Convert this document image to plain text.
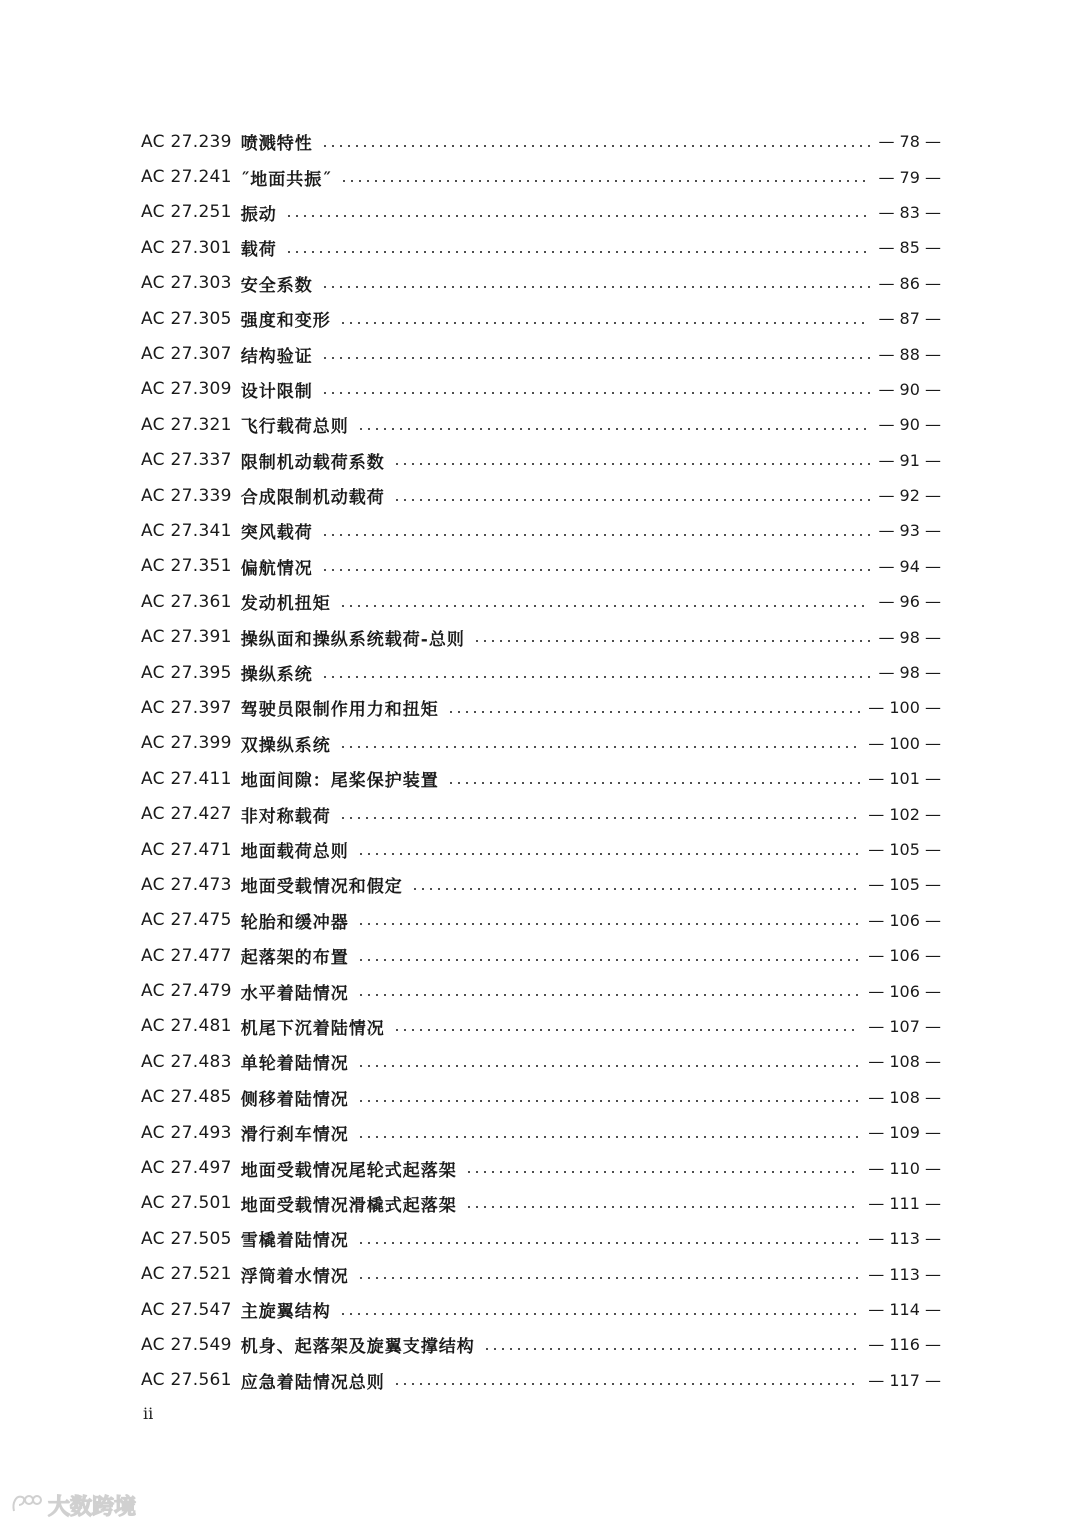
AC 27.239 喷溅特性	— 78 —
AC 27.241 ˝地面共振˝	— 79 —
AC 27.251 振动	— 83 —
AC 27.301 载荷	— 85 —
AC 27.303 安全系数	— 86 —
AC 27.305 强度和变形	— 87 —
AC 27.307 结构验证	— 88 —
AC 27.309 设计限制	— 90 —
AC 27.321 飞行载荷总则	— 90 —
AC 27.337 限制机动载荷系数	— 91 —
AC 27.339 合成限制机动载荷	— 92 —
AC 27.341 突风载荷	— 93 —
AC 27.351 偏航情况	— 94 —
AC 27.361 发动机扭矩	— 96 —
AC 27.391 操纵面和操纵系统载荷-总则	— 98 —
AC 27.395 操纵系统	— 98 —
AC 27.397 驾驶员限制作用力和扭矩	— 100 —
AC 27.399 双操纵系统	— 100 —
AC 27.411 地面间隙：尾桨保护装置	— 101 —
AC 27.427 非对称载荷	— 102 —
AC 27.471 地面载荷总则	— 105 —
AC 27.473 地面受载情况和假定	— 105 —
AC 27.475 轮胎和缓冲器	— 106 —
AC 27.477 起落架的布置	— 106 —
AC 27.479 水平着陆情况	— 106 —
AC 27.481 机尾下沉着陆情况	— 107 —
AC 27.483 单轮着陆情况	— 108 —
AC 27.485 侧移着陆情况	— 108 —
AC 27.493 滑行刹车情况	— 109 —
AC 27.497 地面受载情况尾轮式起落架	— 110 —
AC 27.501 地面受载情况滑橇式起落架	— 111 —
AC 27.505 雪橇着陆情况	— 113 —
AC 27.521 浮筒着水情况	— 113 —
AC 27.547 主旋翼结构	— 114 —
AC 27.549 机身、起落架及旋翼支撑结构	— 116 —
AC 27.561 应急着陆情况总则	— 117 —
ii
大数跨境
